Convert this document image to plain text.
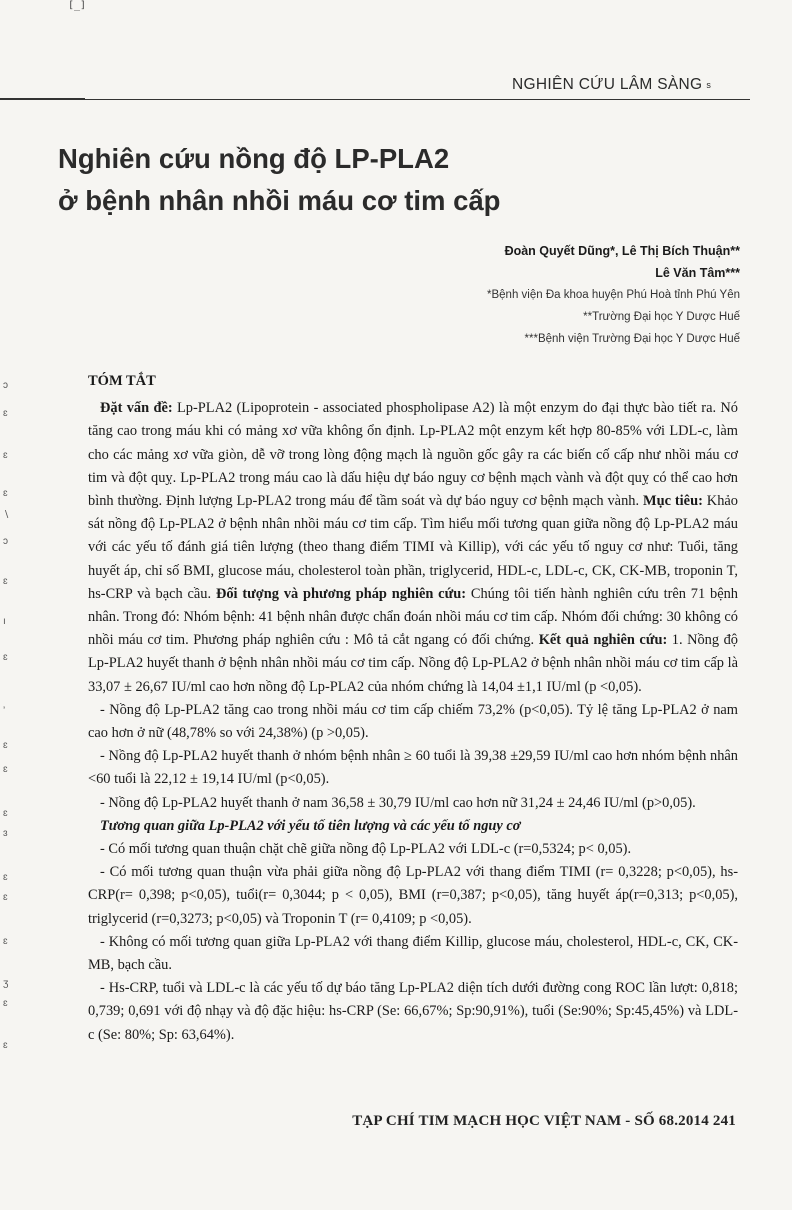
[_]
NGHIÊN CỨU LÂM SÀNG s
Nghiên cứu nồng độ LP-PLA2
ở bệnh nhân nhồi máu cơ tim cấp
Đoàn Quyết Dũng*, Lê Thị Bích Thuận**
Lê Văn Tâm***
*Bệnh viện Đa khoa huyện Phú Hoà tỉnh Phú Yên
**Trường Đại học Y Dược Huế
***Bệnh viện Trường Đại học Y Dược Huế
ɔ
ɛ
ɛ
ɛ
∖
ɔ
ɛ
ı
ɛ
ʼ
ɛ
ɛ
ɛ
ɜ
ɛ
ɛ
ɛ
ʒ
ɛ
ɛ
TÓM TẮT

Đặt vấn đề: Lp-PLA2 (Lipoprotein - associated phospholipase A2) là một enzym do đại thực bào tiết ra. Nó tăng cao trong máu khi có mảng xơ vữa không ổn định. Lp-PLA2 một enzym kết hợp 80-85% với LDL-c, làm cho các mảng xơ vữa giòn, dễ vỡ trong lòng động mạch là nguồn gốc gây ra các biến cố cấp như nhồi máu cơ tim và đột quỵ. Lp-PLA2 trong máu cao là dấu hiệu dự báo nguy cơ bệnh mạch vành và đột quỵ có thể cao hơn bình thường. Định lượng Lp-PLA2 trong máu để tầm soát và dự báo nguy cơ bệnh mạch vành. Mục tiêu: Khảo sát nồng độ Lp-PLA2 ở bệnh nhân nhồi máu cơ tim cấp. Tìm hiểu mối tương quan giữa nồng độ Lp-PLA2 máu với các yếu tố đánh giá tiên lượng (theo thang điểm TIMI và Killip), với các yếu tố nguy cơ như: Tuổi, tăng huyết áp, chỉ số BMI, glucose máu, cholesterol toàn phần, triglycerid, HDL-c, LDL-c, CK, CK-MB, troponin T, hs-CRP và bạch cầu. Đối tượng và phương pháp nghiên cứu: Chúng tôi tiến hành nghiên cứu trên 71 bệnh nhân. Trong đó: Nhóm bệnh: 41 bệnh nhân được chẩn đoán nhồi máu cơ tim cấp. Nhóm đối chứng: 30 không có nhồi máu cơ tim. Phương pháp nghiên cứu : Mô tả cắt ngang có đối chứng. Kết quả nghiên cứu: 1. Nồng độ Lp-PLA2 huyết thanh ở bệnh nhân nhồi máu cơ tim cấp. Nồng độ Lp-PLA2 ở bệnh nhân nhồi máu cơ tim cấp là 33,07 ± 26,67 IU/ml cao hơn nồng độ Lp-PLA2 của nhóm chứng là 14,04 ±1,1 IU/ml (p <0,05).

- Nồng độ Lp-PLA2 tăng cao trong nhồi máu cơ tim cấp chiếm 73,2% (p<0,05). Tỷ lệ tăng Lp-PLA2 ở nam cao hơn ở nữ (48,78% so với 24,38%) (p >0,05).

- Nồng độ Lp-PLA2 huyết thanh ở nhóm bệnh nhân ≥ 60 tuổi là 39,38 ±29,59 IU/ml cao hơn nhóm bệnh nhân <60 tuổi là 22,12 ± 19,14 IU/ml (p<0,05).

- Nồng độ Lp-PLA2 huyết thanh ở nam 36,58 ± 30,79 IU/ml cao hơn nữ 31,24 ± 24,46 IU/ml (p>0,05).

Tương quan giữa Lp-PLA2 với yếu tố tiên lượng và các yếu tố nguy cơ

- Có mối tương quan thuận chặt chẽ giữa nồng độ Lp-PLA2 với LDL-c (r=0,5324; p< 0,05).

- Có mối tương quan thuận vừa phải giữa nồng độ Lp-PLA2 với thang điểm TIMI (r= 0,3228; p<0,05), hs-CRP(r= 0,398; p<0,05), tuổi(r= 0,3044; p < 0,05), BMI (r=0,387; p<0,05), tăng huyết áp(r=0,313; p<0,05), triglycerid (r=0,3273; p<0,05) và Troponin T (r= 0,4109; p <0,05).

- Không có mối tương quan giữa Lp-PLA2 với thang điểm Killip, glucose máu, cholesterol, HDL-c, CK, CK-MB, bạch cầu.

- Hs-CRP, tuổi và LDL-c là các yếu tố dự báo tăng Lp-PLA2 diện tích dưới đường cong ROC lần lượt: 0,818; 0,739; 0,691 với độ nhạy và độ đặc hiệu: hs-CRP (Se: 66,67%; Sp:90,91%), tuổi (Se:90%; Sp:45,45%) và LDL-c (Se: 80%; Sp: 63,64%).

TẠP CHÍ TIM MẠCH HỌC VIỆT NAM - SỐ 68.2014 241
